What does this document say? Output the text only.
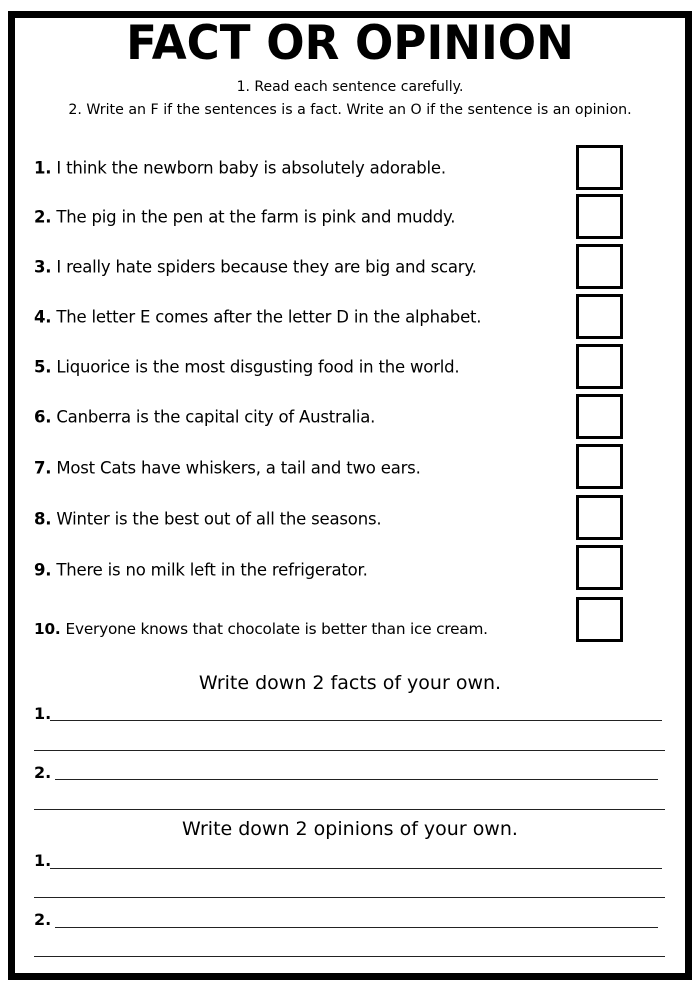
FACT OR OPINION
1. Read each sentence carefully.
2. Write an F if the sentences is a fact. Write an O if the sentence is an opinion.
1. I think the newborn baby is absolutely adorable.
2. The pig in the pen at the farm is pink and muddy.
3. I really hate spiders because they are big and scary.
4. The letter E comes after the letter D in the alphabet.
5. Liquorice is the most disgusting food in the world.
6. Canberra is the capital city of Australia.
7. Most Cats have whiskers, a tail and two ears.
8. Winter is the best out of all the seasons.
9. There is no milk left in the refrigerator.
10. Everyone knows that chocolate is better than ice cream.
Write down 2 facts of your own.
1.
2.
Write down 2 opinions of your own.
1.
2.
